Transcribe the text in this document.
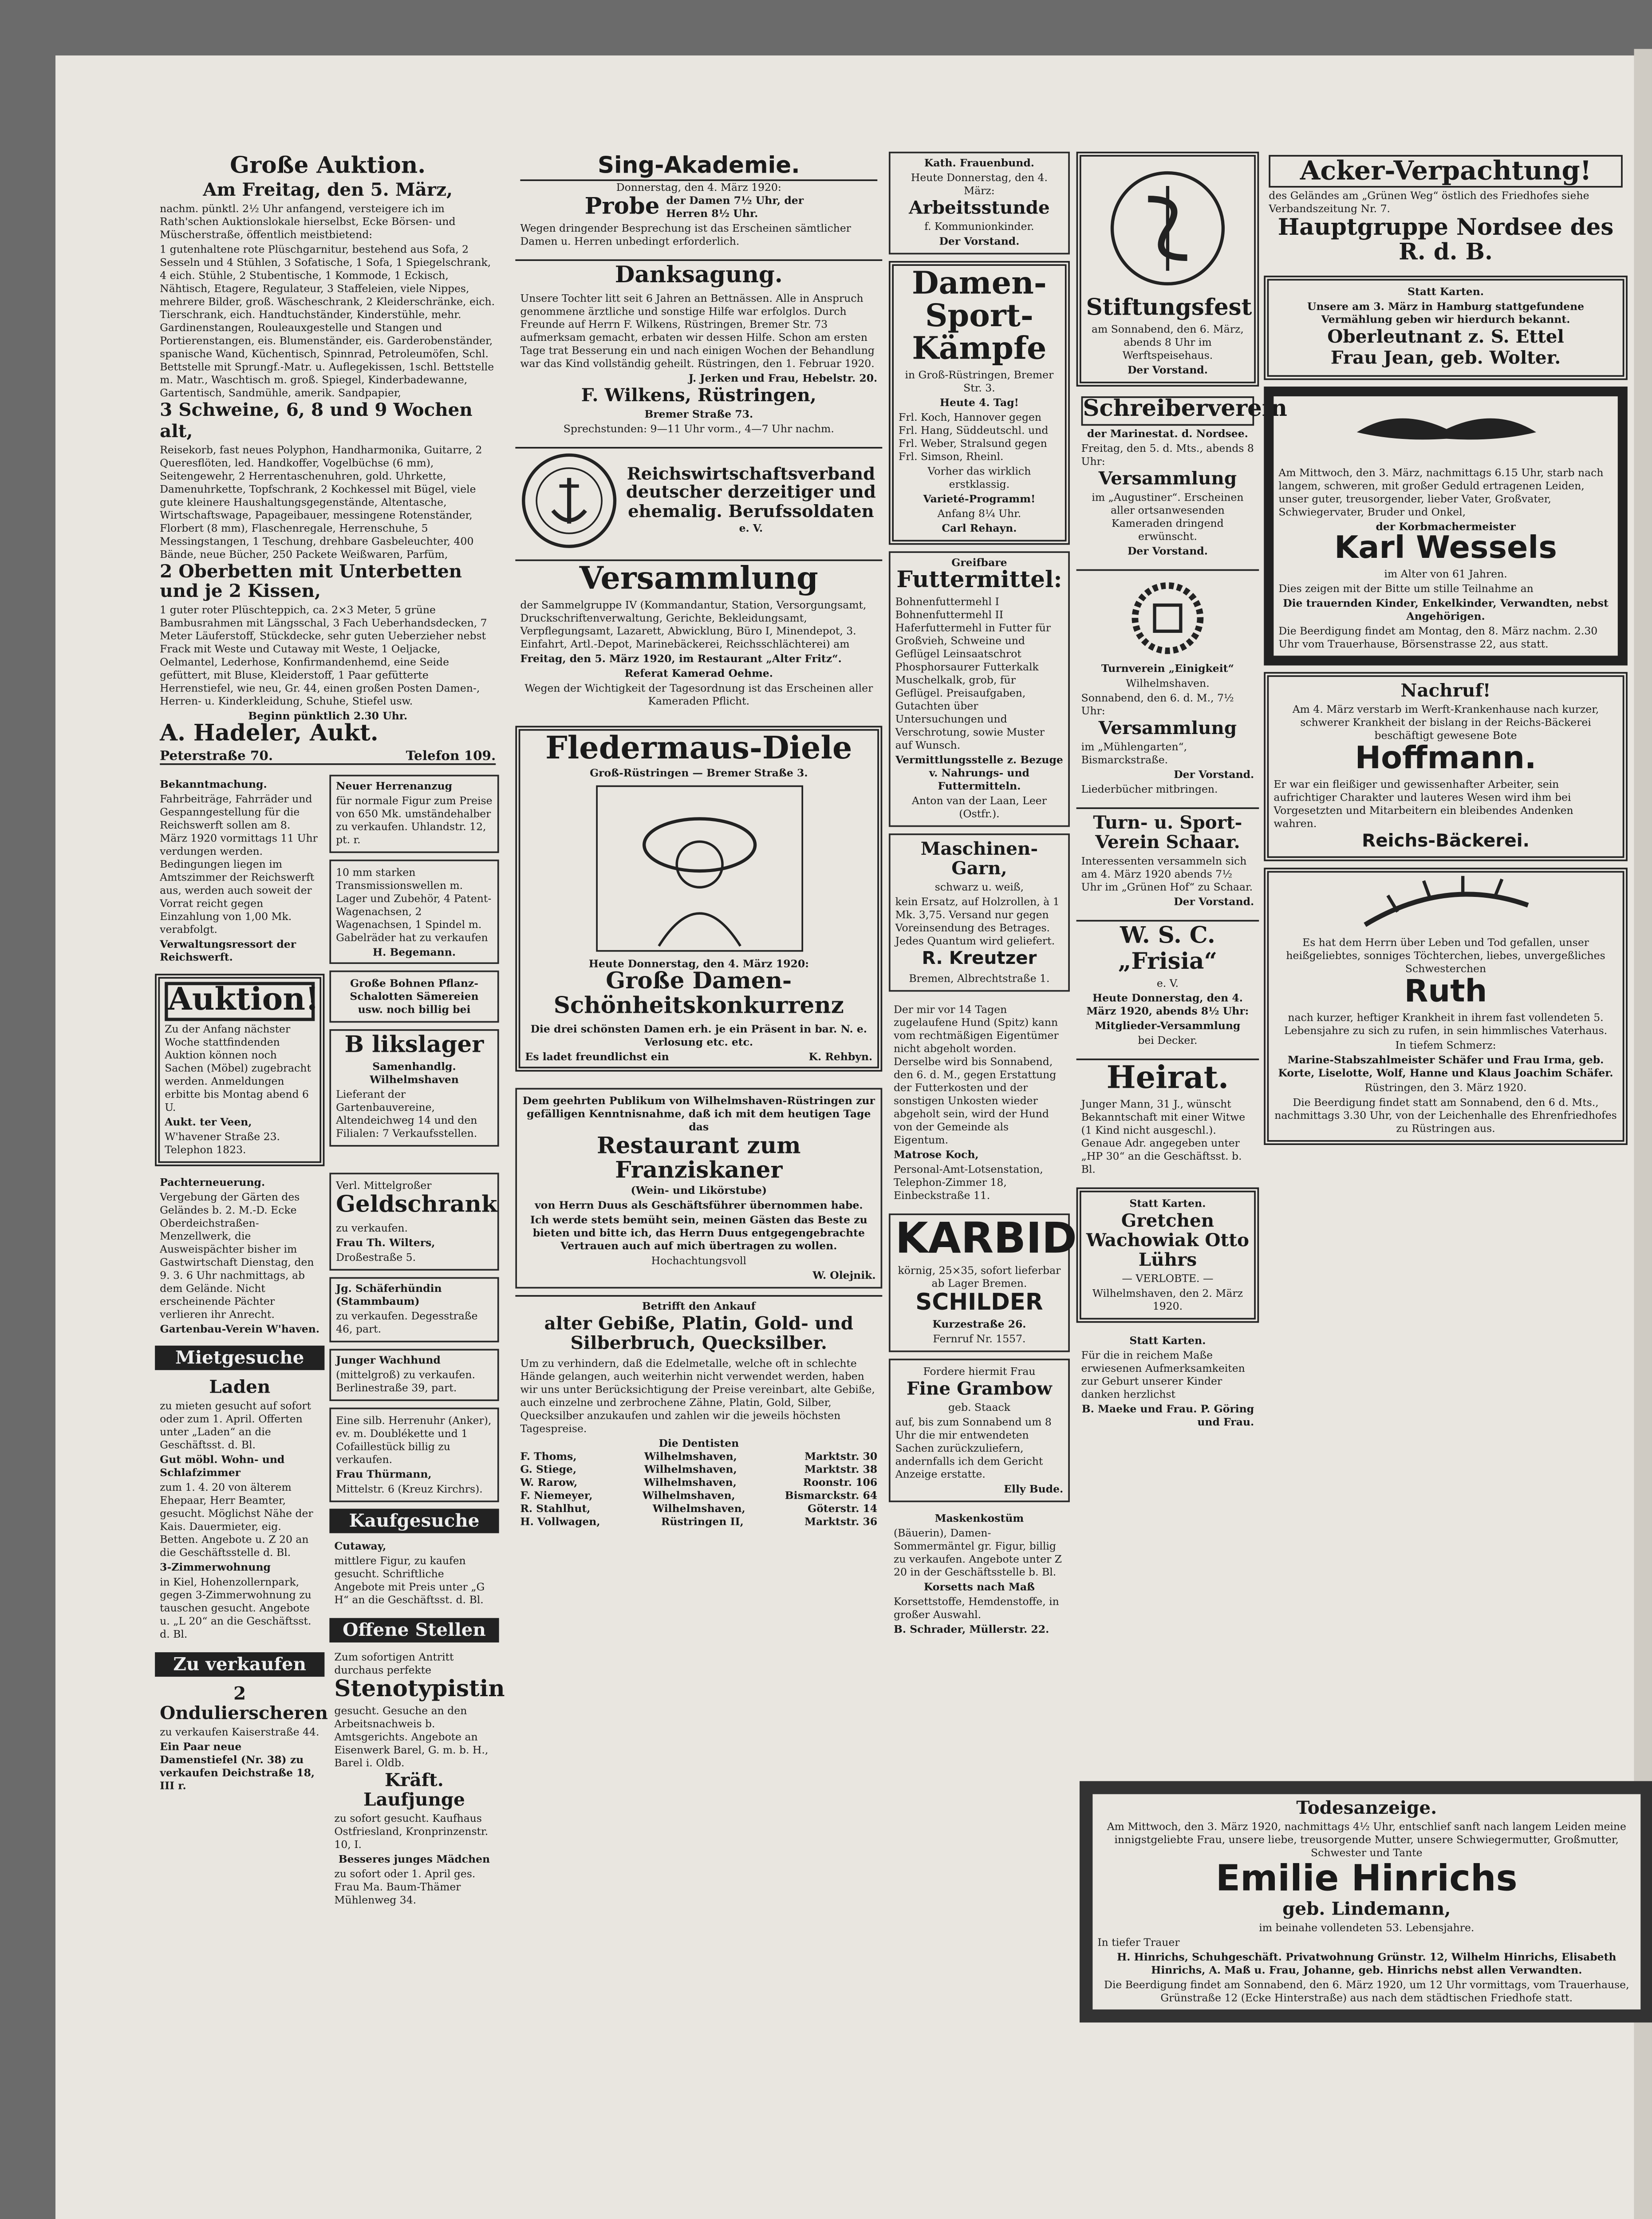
Große Auktion.
Am Freitag, den 5. März,

nachm. pünktl. 2½ Uhr anfangend, versteigere ich im Rath'schen Auktionslokale hierselbst, Ecke Börsen- und Müscherstraße, öffentlich meistbietend:

1 gutenhaltene rote Plüschgarnitur, bestehend aus Sofa, 2 Sesseln und 4 Stühlen, 3 Sofatische, 1 Sofa, 1 Spiegelschrank, 4 eich. Stühle, 2 Stubentische, 1 Kommode, 1 Eckisch, Nähtisch, Etagere, Regulateur, 3 Staffeleien, viele Nippes, mehrere Bilder, groß. Wäscheschrank, 2 Kleiderschränke, eich. Tierschrank, eich. Handtuchständer, Kinderstühle, mehr. Gardinenstangen, Rouleauxgestelle und Stangen und Portierenstangen, eis. Blumenständer, eis. Garderobenständer, spanische Wand, Küchentisch, Spinnrad, Petroleumöfen, Schl. Bettstelle mit Sprungf.-Matr. u. Auflegekissen, 1schl. Bettstelle m. Matr., Waschtisch m. groß. Spiegel, Kinderbadewanne, Gartentisch, Sandmühle, amerik. Sandpapier,

3 Schweine, 6, 8 und 9 Wochen alt,

Reisekorb, fast neues Polyphon, Handharmonika, Guitarre, 2 Queresflöten, led. Handkoffer, Vogelbüchse (6 mm), Seitengewehr, 2 Herrentaschenuhren, gold. Uhrkette, Damenuhrkette, Topfschrank, 2 Kochkessel mit Bügel, viele gute kleinere Haushaltungsgegenstände, Altentasche, Wirtschaftswage, Papageibauer, messingene Rotenständer, Florbert (8 mm), Flaschenregale, Herrenschuhe, 5 Messingstangen, 1 Teschung, drehbare Gasbeleuchter, 400 Bände, neue Bücher, 250 Packete Weißwaren, Parfüm,

2 Oberbetten mit Unterbetten und je 2 Kissen,

1 guter roter Plüschteppich, ca. 2×3 Meter, 5 grüne Bambusrahmen mit Längsschal, 3 Fach Ueberhandsdecken, 7 Meter Läuferstoff, Stückdecke, sehr guten Ueberzieher nebst Frack mit Weste und Cutaway mit Weste, 1 Oeljacke, Oelmantel, Lederhose, Konfirmandenhemd, eine Seide gefüttert, mit Bluse, Kleiderstoff, 1 Paar gefütterte Herrenstiefel, wie neu, Gr. 44, einen großen Posten Damen-, Herren- u. Kinderkleidung, Schuhe, Stiefel usw.

Beginn pünktlich 2.30 Uhr.
A. Hadeler, Aukt.
Peterstraße 70.	Telefon 109.
Bekanntmachung.

Fahrbeiträge, Fahrräder und Gespanngestellung für die Reichswerft sollen am 8. März 1920 vormittags 11 Uhr verdungen werden. Bedingungen liegen im Amtszimmer der Reichswerft aus, werden auch soweit der Vorrat reicht gegen Einzahlung von 1,00 Mk. verabfolgt.

Verwaltungsressort der Reichswerft.
Auktion!

Zu der Anfang nächster Woche stattfindenden Auktion können noch Sachen (Möbel) zugebracht werden. Anmeldungen erbitte bis Montag abend 6 U.

Aukt. ter Veen,

W'havener Straße 23. Telephon 1823.

Neuer Herrenanzug

für normale Figur zum Preise von 650 Mk. umständehalber zu verkaufen. Uhlandstr. 12, pt. r.

10 mm starken Transmissionswellen m. Lager und Zubehör, 4 Patent-Wagenachsen, 2 Wagenachsen, 1 Spindel m. Gabelräder hat zu verkaufen

H. Begemann.

Große Bohnen Pflanz-Schalotten Sämereien usw. noch billig bei

B likslager
Samenhandlg. Wilhelmshaven

Lieferant der Gartenbauvereine, Altendeichweg 14 und den Filialen: 7 Verkaufsstellen.

Pachterneuerung.

Vergebung der Gärten des Geländes b. 2. M.-D. Ecke Oberdeichstraßen-Menzellwerk, die Ausweispächter bisher im Gastwirtschaft Dienstag, den 9. 3. 6 Uhr nachmittags, ab dem Gelände. Nicht erscheinende Pächter verlieren ihr Anrecht.

Gartenbau-Verein W'haven.
Mietgesuche
Laden

zu mieten gesucht auf sofort oder zum 1. April. Offerten unter „Laden“ an die Geschäftsst. d. Bl.

Gut möbl. Wohn- und Schlafzimmer

zum 1. 4. 20 von älterem Ehepaar, Herr Beamter, gesucht. Möglichst Nähe der Kais. Dauermieter, eig. Betten. Angebote u. Z 20 an die Geschäftsstelle d. Bl.

3-Zimmerwohnung

in Kiel, Hohenzollernpark, gegen 3-Zimmerwohnung zu tauschen gesucht. Angebote u. „L 20“ an die Geschäftsst. d. Bl.

Zu verkaufen
2 Ondulierscheren

zu verkaufen Kaiserstraße 44.

Ein Paar neue Damenstiefel (Nr. 38) zu verkaufen Deichstraße 18, III r.

Verl. Mittelgroßer

Geldschrank

zu verkaufen.

Frau Th. Wilters,

Droßestraße 5.

Jg. Schäferhündin (Stammbaum)

zu verkaufen. Degesstraße 46, part.

Junger Wachhund

(mittelgroß) zu verkaufen. Berlinestraße 39, part.

Eine silb. Herrenuhr (Anker), ev. m. Doublékette und 1 Cofaillestück billig zu verkaufen.

Frau Thürmann,

Mittelstr. 6 (Kreuz Kirchrs).

Kaufgesuche
Cutaway,

mittlere Figur, zu kaufen gesucht. Schriftliche Angebote mit Preis unter „G H“ an die Geschäftsst. d. Bl.

Offene Stellen

Zum sofortigen Antritt durchaus perfekte

Stenotypistin

gesucht. Gesuche an den Arbeitsnachweis b. Amtsgerichts. Angebote an Eisenwerk Barel, G. m. b. H., Barel i. Oldb.

Kräft. Laufjunge

zu sofort gesucht. Kaufhaus Ostfriesland, Kronprinzenstr. 10, I.

Besseres junges Mädchen

zu sofort oder 1. April ges. Frau Ma. Baum-Thämer Mühlenweg 34.

Sing-Akademie.
Donnerstag, den 4. März 1920:
Probe der Damen 7½ Uhr, der Herren 8½ Uhr.

Wegen dringender Besprechung ist das Erscheinen sämtlicher Damen u. Herren unbedingt erforderlich.

Danksagung.

Unsere Tochter litt seit 6 Jahren an Bettnässen. Alle in Anspruch genommene ärztliche und sonstige Hilfe war erfolglos. Durch Freunde auf Herrn F. Wilkens, Rüstringen, Bremer Str. 73 aufmerksam gemacht, erbaten wir dessen Hilfe. Schon am ersten Tage trat Besserung ein und nach einigen Wochen der Behandlung war das Kind vollständig geheilt. Rüstringen, den 1. Februar 1920.

J. Jerken und Frau, Hebelstr. 20.

F. Wilkens, Rüstringen,
Bremer Straße 73.

Sprechstunden: 9—11 Uhr vorm., 4—7 Uhr nachm.

Reichswirtschaftsverband deutscher derzeitiger und ehemalig. Berufssoldaten
e. V.
Versammlung

der Sammelgruppe IV (Kommandantur, Station, Versorgungsamt, Druckschriftenverwaltung, Gerichte, Bekleidungsamt, Verpflegungsamt, Lazarett, Abwicklung, Büro I, Minendepot, 3. Einfahrt, Artl.-Depot, Marinebäckerei, Reichsschlächterei) am

Freitag, den 5. März 1920, im Restaurant „Alter Fritz“.

Referat Kamerad Oehme.

Wegen der Wichtigkeit der Tagesordnung ist das Erscheinen aller Kameraden Pflicht.

Fledermaus-Diele
Groß-Rüstringen — Bremer Straße 3.
Heute Donnerstag, den 4. März 1920:
Große Damen-Schönheitskonkurrenz

Die drei schönsten Damen erh. je ein Präsent in bar. N. e. Verlosung etc. etc.

Es ladet freundlichst ein	K. Rehbyn.

Dem geehrten Publikum von Wilhelmshaven-Rüstringen zur gefälligen Kenntnisnahme, daß ich mit dem heutigen Tage das

Restaurant zum Franziskaner
(Wein- und Likörstube)

von Herrn Duus als Geschäftsführer übernommen habe.

Ich werde stets bemüht sein, meinen Gästen das Beste zu bieten und bitte ich, das Herrn Duus entgegengebrachte Vertrauen auch auf mich übertragen zu wollen.

Hochachtungsvoll

W. Olejnik.

Betrifft den Ankauf
alter Gebiße, Platin, Gold- und Silberbruch, Quecksilber.

Um zu verhindern, daß die Edelmetalle, welche oft in schlechte Hände gelangen, auch weiterhin nicht verwendet werden, haben wir uns unter Berücksichtigung der Preise vereinbart, alte Gebiße, auch einzelne und zerbrochene Zähne, Platin, Gold, Silber, Quecksilber anzukaufen und zahlen wir die jeweils höchsten Tagespreise.

Die Dentisten
F. Thoms,	Wilhelmshaven,	Marktstr. 30
G. Stiege,	Wilhelmshaven,	Marktstr. 38
W. Rarow,	Wilhelmshaven,	Roonstr. 106
F. Niemeyer,	Wilhelmshaven,	Bismarckstr. 64
R. Stahlhut,	Wilhelmshaven,	Göterstr. 14
H. Vollwagen,	Rüstringen II,	Marktstr. 36
Kath. Frauenbund.

Heute Donnerstag, den 4. März:

Arbeitsstunde

f. Kommunionkinder.

Der Vorstand.

Damen-Sport-Kämpfe

in Groß-Rüstringen, Bremer Str. 3.

Heute 4. Tag!

Frl. Koch, Hannover gegen Frl. Hang, Süddeutschl. und Frl. Weber, Stralsund gegen Frl. Simson, Rheinl.

Vorher das wirklich erstklassig.

Varieté-Programm!

Anfang 8¼ Uhr.

Carl Rehayn.

Greifbare
Futtermittel:

Bohnenfuttermehl I Bohnenfuttermehl II Haferfuttermehl in Futter für Großvieh, Schweine und Geflügel Leinsaatschrot Phosphorsaurer Futterkalk Muschelkalk, grob, für Geflügel. Preisaufgaben, Gutachten über Untersuchungen und Verschrotung, sowie Muster auf Wunsch.

Vermittlungsstelle z. Bezuge v. Nahrungs- und Futtermitteln.

Anton van der Laan, Leer (Ostfr.).

Maschinen-Garn,
schwarz u. weiß,

kein Ersatz, auf Holzrollen, à 1 Mk. 3,75. Versand nur gegen Voreinsendung des Betrages. Jedes Quantum wird geliefert.

R. Kreutzer

Bremen, Albrechtstraße 1.

Der mir vor 14 Tagen zugelaufene Hund (Spitz) kann vom rechtmäßigen Eigentümer nicht abgeholt worden. Derselbe wird bis Sonnabend, den 6. d. M., gegen Erstattung der Futterkosten und der sonstigen Unkosten wieder abgeholt sein, wird der Hund von der Gemeinde als Eigentum.

Matrose Koch,

Personal-Amt-Lotsenstation, Telephon-Zimmer 18, Einbeckstraße 11.

KARBID

körnig, 25×35, sofort lieferbar ab Lager Bremen.

SCHILDER

Kurzestraße 26.

Fernruf Nr. 1557.

Fordere hiermit Frau

Fine Grambow

geb. Staack

auf, bis zum Sonnabend um 8 Uhr die mir entwendeten Sachen zurückzuliefern, andernfalls ich dem Gericht Anzeige erstatte.

Elly Bude.

Maskenkostüm

(Bäuerin), Damen-Sommermäntel gr. Figur, billig zu verkaufen. Angebote unter Z 20 in der Geschäftsstelle b. Bl.

Korsetts nach Maß

Korsettstoffe, Hemdenstoffe, in großer Auswahl.

B. Schrader, Müllerstr. 22.

Stiftungsfest

am Sonnabend, den 6. März, abends 8 Uhr im Werftspeisehaus.

Der Vorstand.

Schreiberverein

der Marinestat. d. Nordsee.

Freitag, den 5. d. Mts., abends 8 Uhr:

Versammlung

im „Augustiner“. Erscheinen aller ortsanwesenden Kameraden dringend erwünscht.

Der Vorstand.

Turnverein „Einigkeit“

Wilhelmshaven.

Sonnabend, den 6. d. M., 7½ Uhr:

Versammlung

im „Mühlengarten“, Bismarckstraße.

Der Vorstand.

Liederbücher mitbringen.

Turn- u. Sport-Verein Schaar.

Interessenten versammeln sich am 4. März 1920 abends 7½ Uhr im „Grünen Hof“ zu Schaar.

Der Vorstand.

W. S. C. „Frisia“

e. V.

Heute Donnerstag, den 4. März 1920, abends 8½ Uhr:

Mitglieder-Versammlung

bei Decker.

Heirat.

Junger Mann, 31 J., wünscht Bekanntschaft mit einer Witwe (1 Kind nicht ausgeschl.). Genaue Adr. angegeben unter „HP 30“ an die Geschäftsst. b. Bl.

Statt Karten.

Gretchen Wachowiak Otto Lührs

— VERLOBTE. —

Wilhelmshaven, den 2. März 1920.

Statt Karten.

Für die in reichem Maße erwiesenen Aufmerksamkeiten zur Geburt unserer Kinder danken herzlichst

B. Maeke und Frau. P. Göring und Frau.

Acker-Verpachtung!

des Geländes am „Grünen Weg“ östlich des Friedhofes siehe Verbandszeitung Nr. 7.

Hauptgruppe Nordsee des R. d. B.

Statt Karten.

Unsere am 3. März in Hamburg stattgefundene Vermählung geben wir hierdurch bekannt.

Oberleutnant z. S. Ettel
Frau Jean, geb. Wolter.

Am Mittwoch, den 3. März, nachmittags 6.15 Uhr, starb nach langem, schweren, mit großer Geduld ertragenen Leiden, unser guter, treusorgender, lieber Vater, Großvater, Schwiegervater, Bruder und Onkel,

der Korbmachermeister
Karl Wessels

im Alter von 61 Jahren.

Dies zeigen mit der Bitte um stille Teilnahme an

Die trauernden Kinder, Enkelkinder, Verwandten, nebst Angehörigen.

Die Beerdigung findet am Montag, den 8. März nachm. 2.30 Uhr vom Trauerhause, Börsenstrasse 22, aus statt.

Nachruf!

Am 4. März verstarb im Werft-Krankenhause nach kurzer, schwerer Krankheit der bislang in der Reichs-Bäckerei beschäftigt gewesene Bote

Hoffmann.

Er war ein fleißiger und gewissenhafter Arbeiter, sein aufrichtiger Charakter und lauteres Wesen wird ihm bei Vorgesetzten und Mitarbeitern ein bleibendes Andenken wahren.

Reichs-Bäckerei.

Es hat dem Herrn über Leben und Tod gefallen, unser heißgeliebtes, sonniges Töchterchen, liebes, unvergeßliches Schwesterchen

Ruth

nach kurzer, heftiger Krankheit in ihrem fast vollendeten 5. Lebensjahre zu sich zu rufen, in sein himmlisches Vaterhaus.

In tiefem Schmerz:

Marine-Stabszahlmeister Schäfer und Frau Irma, geb. Korte, Liselotte, Wolf, Hanne und Klaus Joachim Schäfer.

Rüstringen, den 3. März 1920.

Die Beerdigung findet statt am Sonnabend, den 6 d. Mts., nachmittags 3.30 Uhr, von der Leichenhalle des Ehrenfriedhofes zu Rüstringen aus.

Todesanzeige.

Am Mittwoch, den 3. März 1920, nachmittags 4½ Uhr, entschlief sanft nach langem Leiden meine innigstgeliebte Frau, unsere liebe, treusorgende Mutter, unsere Schwiegermutter, Großmutter, Schwester und Tante

Emilie Hinrichs
geb. Lindemann,

im beinahe vollendeten 53. Lebensjahre.

In tiefer Trauer

H. Hinrichs, Schuhgeschäft. Privatwohnung Grünstr. 12, Wilhelm Hinrichs, Elisabeth Hinrichs, A. Maß u. Frau, Johanne, geb. Hinrichs nebst allen Verwandten.

Die Beerdigung findet am Sonnabend, den 6. März 1920, um 12 Uhr vormittags, vom Trauerhause, Grünstraße 12 (Ecke Hinterstraße) aus nach dem städtischen Friedhofe statt.
